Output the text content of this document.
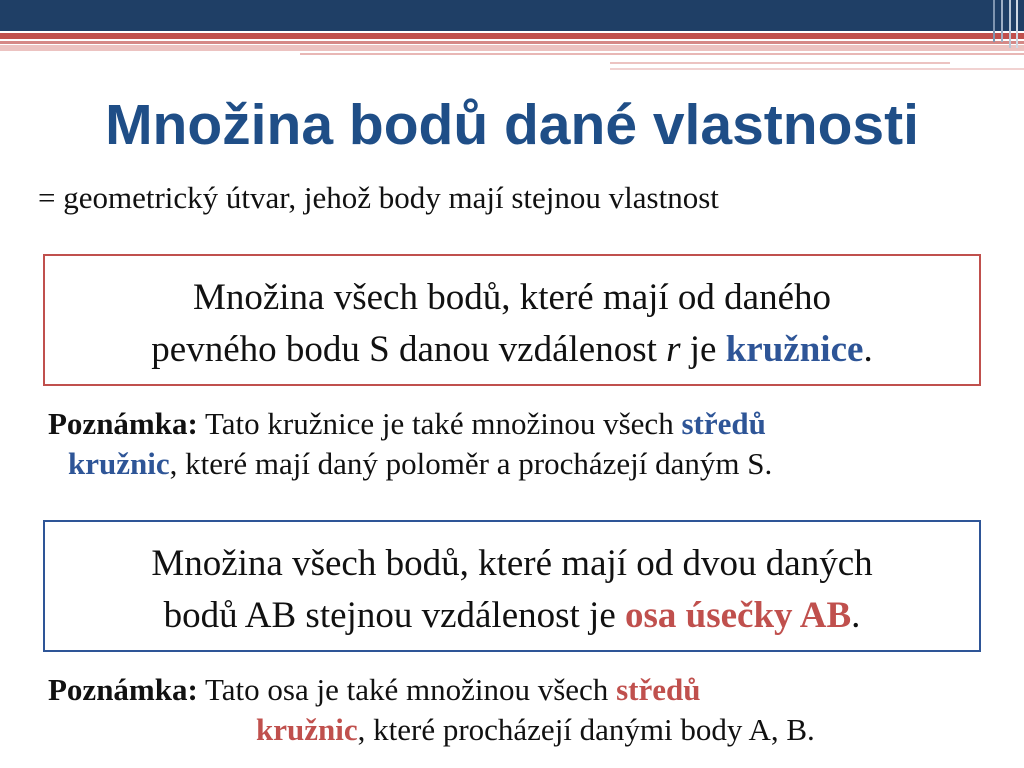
Množina bodů dané vlastnosti

= geometrický útvar, jehož body mají stejnou vlastnost

Množina všech bodů, které mají od daného
pevného bodu S danou vzdálenost r je kružnice.

Poznámka: Tato kružnice je také množinou všech středů
kružnic, které mají daný poloměr a procházejí daným S.

Množina všech bodů, které mají od dvou daných
bodů AB stejnou vzdálenost je osa úsečky AB.

Poznámka: Tato osa je také množinou všech středů
kružnic, které procházejí danými body A, B.
